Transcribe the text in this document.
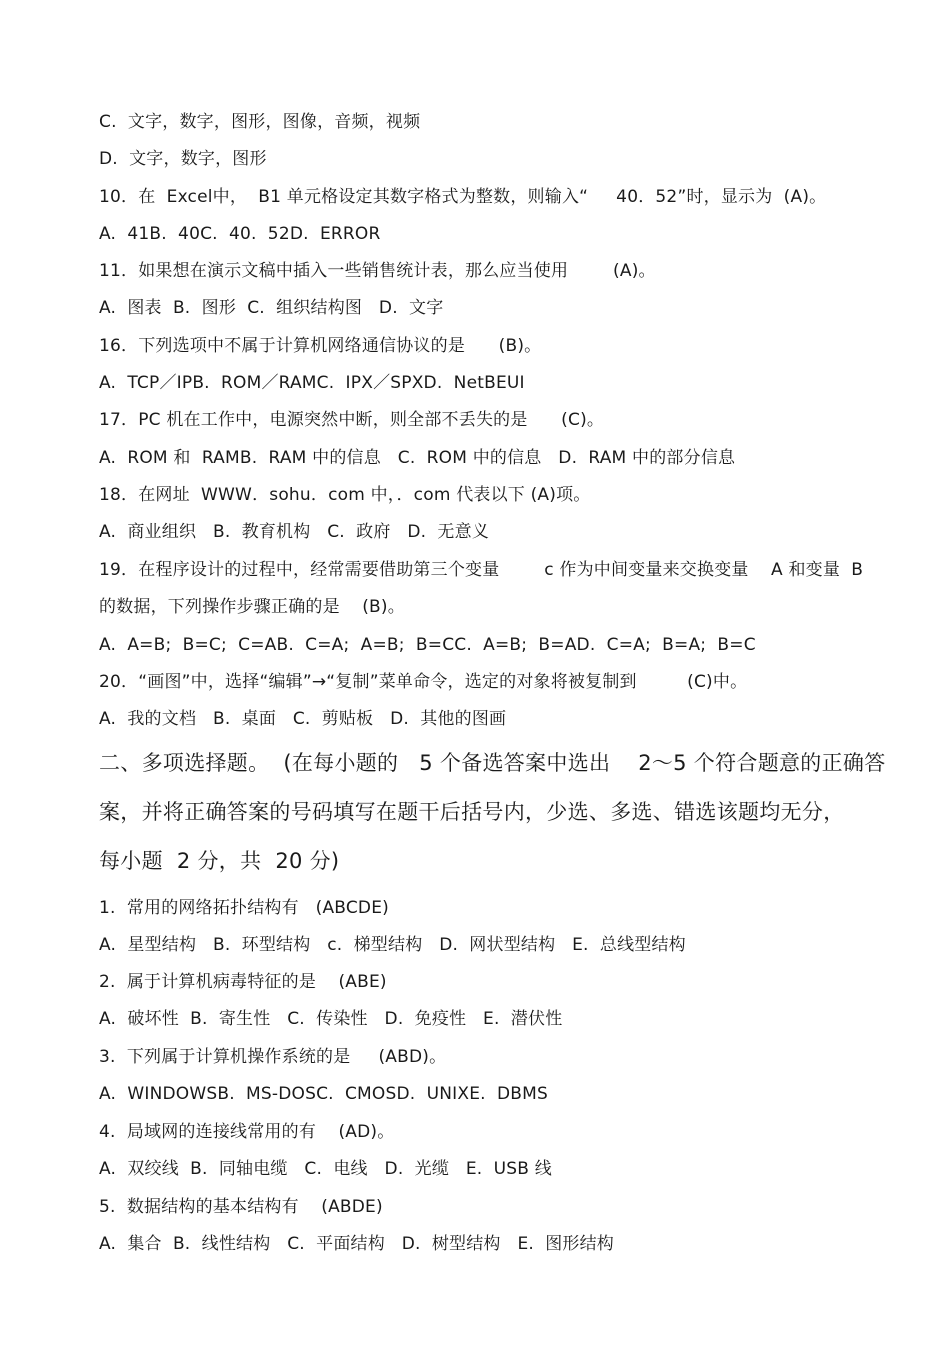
C.  文字，数字，图形，图像，音频，视频
D.  文字，数字，图形
10．在  Excel中，  B1 单元格设定其数字格式为整数，则输入“     40．52”时，显示为  (A)。
A.  41B.  40C.  40.  52D.  ERROR
11．如果想在演示文稿中插入一些销售统计表，那么应当使用        (A)。
A.  图表  B.  图形  C.  组织结构图   D.  文字
16．下列选项中不属于计算机网络通信协议的是      (B)。
A.  TCP／IPB.  ROM／RAMC.  IPX／SPXD.  NetBEUI
17．PC 机在工作中，电源突然中断，则全部不丢失的是      (C)。
A.  ROM 和  RAMB.  RAM 中的信息   C.  ROM 中的信息   D.  RAM 中的部分信息
18．在网址  WWW．sohu．com 中，．com 代表以下 (A)项。
A.  商业组织   B.  教育机构   C.  政府   D.  无意义
19．在程序设计的过程中，经常需要借助第三个变量        c 作为中间变量来交换变量    A 和变量  B
的数据，下列操作步骤正确的是    (B)。
A.  A=B;  B=C;  C=AB.  C=A;  A=B;  B=CC.  A=B;  B=AD.  C=A;  B=A;  B=C
20．“画图”中，选择“编辑”→“复制”菜单命令，选定的对象将被复制到         (C)中。
A.  我的文档   B.  桌面   C.  剪贴板   D.  其他的图画
二、多项选择题。  (在每小题的   5 个备选答案中选出    2～5 个符合题意的正确答
案，并将正确答案的号码填写在题干后括号内，少选、多选、错选该题均无分，
每小题  2 分，共  20 分)
1.  常用的网络拓扑结构有   (ABCDE)
A.  星型结构   B.  环型结构   c.  梯型结构   D.  网状型结构   E.  总线型结构
2.  属于计算机病毒特征的是    (ABE)
A.  破坏性  B.  寄生性   C.  传染性   D.  免疫性   E.  潜伏性
3.  下列属于计算机操作系统的是     (ABD)。
A.  WINDOWSB.  MS-DOSC.  CMOSD.  UNIXE.  DBMS
4.  局域网的连接线常用的有    (AD)。
A.  双绞线  B.  同轴电缆   C.  电线   D.  光缆   E.  USB 线
5.  数据结构的基本结构有    (ABDE)
A.  集合  B.  线性结构   C.  平面结构   D.  树型结构   E.  图形结构
